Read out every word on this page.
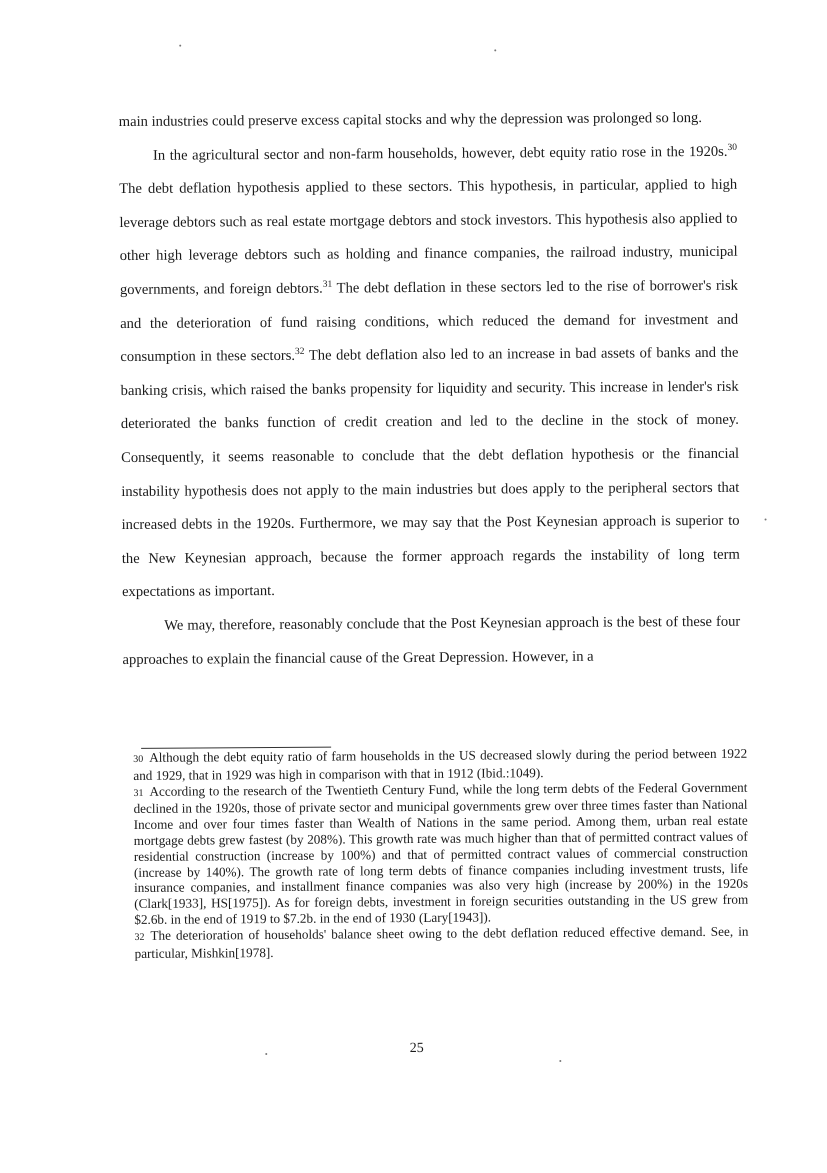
main industries could preserve excess capital stocks and why the depression was prolonged so long.

In the agricultural sector and non-farm households, however, debt equity ratio rose in the 1920s.$^{30}$ The debt deflation hypothesis applied to these sectors. This hypothesis, in particular, applied to high leverage debtors such as real estate mortgage debtors and stock investors. This hypothesis also applied to other high leverage debtors such as holding and finance companies, the railroad industry, municipal governments, and foreign debtors.$^{31}$ The debt deflation in these sectors led to the rise of borrower's risk and the deterioration of fund raising conditions, which reduced the demand for investment and consumption in these sectors.$^{32}$ The debt deflation also led to an increase in bad assets of banks and the banking crisis, which raised the banks propensity for liquidity and security. This increase in lender's risk deteriorated the banks function of credit creation and led to the decline in the stock of money. Consequently, it seems reasonable to conclude that the debt deflation hypothesis or the financial instability hypothesis does not apply to the main industries but does apply to the peripheral sectors that increased debts in the 1920s. Furthermore, we may say that the Post Keynesian approach is superior to the New Keynesian approach, because the former approach regards the instability of long term expectations as important.

We may, therefore, reasonably conclude that the Post Keynesian approach is the best of these four approaches to explain the financial cause of the Great Depression. However, in a

30 Although the debt equity ratio of farm households in the US decreased slowly during the period between 1922 and 1929, that in 1929 was high in comparison with that in 1912 (Ibid.:1049).

31 According to the research of the Twentieth Century Fund, while the long term debts of the Federal Government declined in the 1920s, those of private sector and municipal governments grew over three times faster than National Income and over four times faster than Wealth of Nations in the same period. Among them, urban real estate mortgage debts grew fastest (by 208%). This growth rate was much higher than that of permitted contract values of residential construction (increase by 100%) and that of permitted contract values of commercial construction (increase by 140%). The growth rate of long term debts of finance companies including investment trusts, life insurance companies, and installment finance companies was also very high (increase by 200%) in the 1920s (Clark[1933], HS[1975]). As for foreign debts, investment in foreign securities outstanding in the US grew from $2.6b. in the end of 1919 to $7.2b. in the end of 1930 (Lary[1943]).

32 The deterioration of households' balance sheet owing to the debt deflation reduced effective demand. See, in particular, Mishkin[1978].

25
